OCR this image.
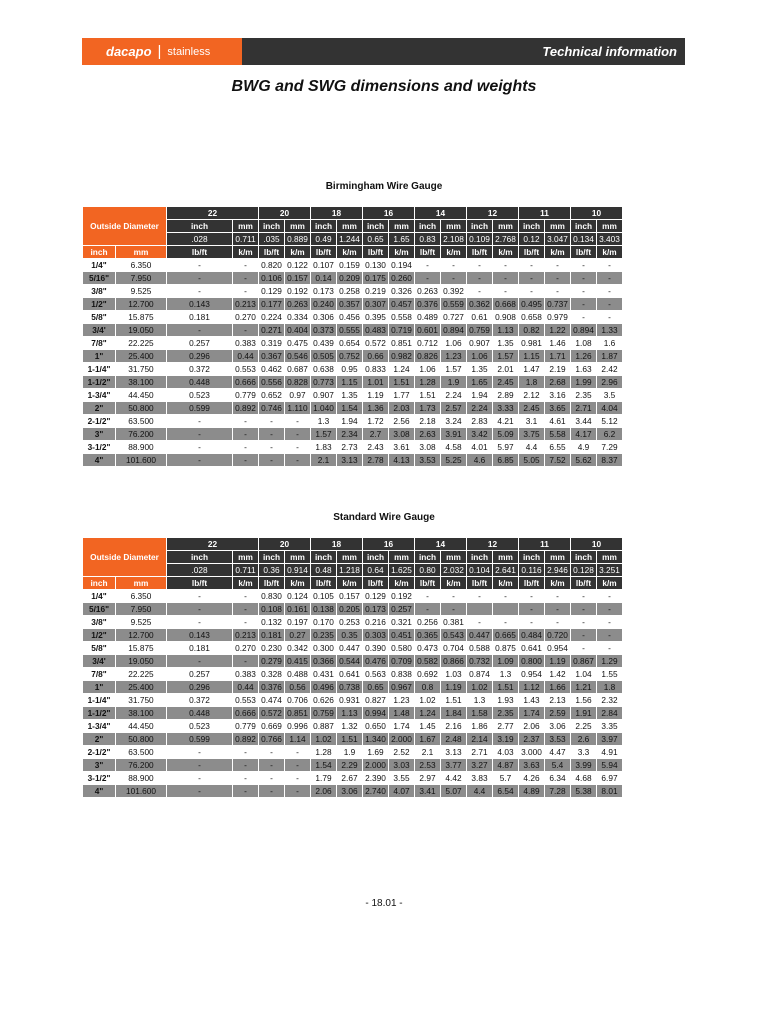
dacapo | stainless	Technical information
BWG and SWG dimensions and weights
Birmingham Wire Gauge
Outside Diameter		22		20		18		16		14		12		11		10	
		inch	mm	inch	mm	inch	mm	inch	mm	inch	mm	inch	mm	inch	mm	inch	mm
		.028	0.711	.035	0.889	0.49	1.244	0.65	1.65	0.83	2.108	0.109	2.768	0.12	3.047	0.134	3.403
inch	mm	lb/ft	k/m	lb/ft	k/m	lb/ft	k/m	lb/ft	k/m	lb/ft	k/m	lb/ft	k/m	lb/ft	k/m	lb/ft	k/m
1/4"	6.350	-	-	0.820	0.122	0.107	0.159	0.130	0.194	-	-	-	-	-	-	-	-
5/16"	7.950	-	-	0.106	0.157	0.14	0.209	0.175	0.260	-	-	-	-	-	-	-	-
3/8"	9.525	-	-	0.129	0.192	0.173	0.258	0.219	0.326	0.263	0.392	-	-	-	-	-	-
1/2"	12.700	0.143	0.213	0.177	0.263	0.240	0.357	0.307	0.457	0.376	0.559	0.362	0.668	0.495	0.737	-	-
5/8"	15.875	0.181	0.270	0.224	0.334	0.306	0.456	0.395	0.558	0.489	0.727	0.61	0.908	0.658	0.979	-	-
3/4'	19.050	-	-	0.271	0.404	0.373	0.555	0.483	0.719	0.601	0.894	0.759	1.13	0.82	1.22	0.894	1.33
7/8"	22.225	0.257	0.383	0.319	0.475	0.439	0.654	0.572	0.851	0.712	1.06	0.907	1.35	0.981	1.46	1.08	1.6
1"	25.400	0.296	0.44	0.367	0.546	0.505	0.752	0.66	0.982	0.826	1.23	1.06	1.57	1.15	1.71	1.26	1.87
1-1/4"	31.750	0.372	0.553	0.462	0.687	0.638	0.95	0.833	1.24	1.06	1.57	1.35	2.01	1.47	2.19	1.63	2.42
1-1/2"	38.100	0.448	0.666	0.556	0.828	0.773	1.15	1.01	1.51	1.28	1.9	1.65	2.45	1.8	2.68	1.99	2.96
1-3/4"	44.450	0.523	0.779	0.652	0.97	0.907	1.35	1.19	1.77	1.51	2.24	1.94	2.89	2.12	3.16	2.35	3.5
2"	50.800	0.599	0.892	0.746	1.110	1.040	1.54	1.36	2.03	1.73	2.57	2.24	3.33	2.45	3.65	2.71	4.04
2-1/2"	63.500	-	-	-	-	1.3	1.94	1.72	2.56	2.18	3.24	2.83	4.21	3.1	4.61	3.44	5.12
3"	76.200	-	-	-	-	1.57	2.34	2.7	3.08	2.63	3.91	3.42	5.09	3.75	5.58	4.17	6.2
3-1/2"	88.900	-	-	-	-	1.83	2.73	2.43	3.61	3.08	4.58	4.01	5.97	4.4	6.55	4.9	7.29
4"	101.600	-	-	-	-	2.1	3.13	2.78	4.13	3.53	5.25	4.6	6.85	5.05	7.52	5.62	8.37
Standard Wire Gauge
Outside Diameter		22		20		18		16		14		12		11		10	
		inch	mm	inch	mm	inch	mm	inch	mm	inch	mm	inch	mm	inch	mm	inch	mm
		.028	0.711	0.36	0.914	0.48	1.218	0.64	1.625	0.80	2.032	0.104	2.641	0.116	2.946	0.128	3.251
inch	mm	lb/ft	k/m	lb/ft	k/m	lb/ft	k/m	lb/ft	k/m	lb/ft	k/m	lb/ft	k/m	lb/ft	k/m	lb/ft	k/m
1/4"	6.350	-	-	0.830	0.124	0.105	0.157	0.129	0.192	-	-	-	-	-	-	-	-
5/16"	7.950	-	-	0.108	0.161	0.138	0.205	0.173	0.257	-	-			-	-	-	-
3/8"	9.525	-	-	0.132	0.197	0.170	0.253	0.216	0.321	0.256	0.381	-	-	-	-	-	-
1/2"	12.700	0.143	0.213	0.181	0.27	0.235	0.35	0.303	0.451	0.365	0.543	0.447	0.665	0.484	0.720	-	-
5/8"	15.875	0.181	0.270	0.230	0.342	0.300	0.447	0.390	0.580	0.473	0.704	0.588	0.875	0.641	0.954	-	-
3/4'	19.050	-	-	0.279	0.415	0.366	0.544	0.476	0.709	0.582	0.866	0.732	1.09	0.800	1.19	0.867	1.29
7/8"	22.225	0.257	0.383	0.328	0.488	0.431	0.641	0.563	0.838	0.692	1.03	0.874	1.3	0.954	1.42	1.04	1.55
1"	25.400	0.296	0.44	0.376	0.56	0.496	0.738	0.65	0.967	0.8	1.19	1.02	1.51	1.12	1.66	1.21	1.8
1-1/4"	31.750	0.372	0.553	0.474	0.706	0.626	0.931	0.827	1.23	1.02	1.51	1.3	1.93	1.43	2.13	1.56	2.32
1-1/2"	38.100	0.448	0.666	0.572	0.851	0.759	1.13	0.994	1.48	1.24	1.84	1.58	2.35	1.74	2.59	1.91	2.84
1-3/4"	44.450	0.523	0.779	0.669	0.996	0.887	1.32	0.650	1.74	1.45	2.16	1.86	2.77	2.06	3.06	2.25	3.35
2"	50.800	0.599	0.892	0.766	1.14	1.02	1.51	1.340	2.000	1.67	2.48	2.14	3.19	2.37	3.53	2.6	3.97
2-1/2"	63.500	-	-	-	-	1.28	1.9	1.69	2.52	2.1	3.13	2.71	4.03	3.000	4.47	3.3	4.91
3"	76.200	-	-	-	-	1.54	2.29	2.000	3.03	2.53	3.77	3.27	4.87	3.63	5.4	3.99	5.94
3-1/2"	88.900	-	-	-	-	1.79	2.67	2.390	3.55	2.97	4.42	3.83	5.7	4.26	6.34	4.68	6.97
4"	101.600	-	-	-	-	2.06	3.06	2.740	4.07	3.41	5.07	4.4	6.54	4.89	7.28	5.38	8.01
- 18.01 -
